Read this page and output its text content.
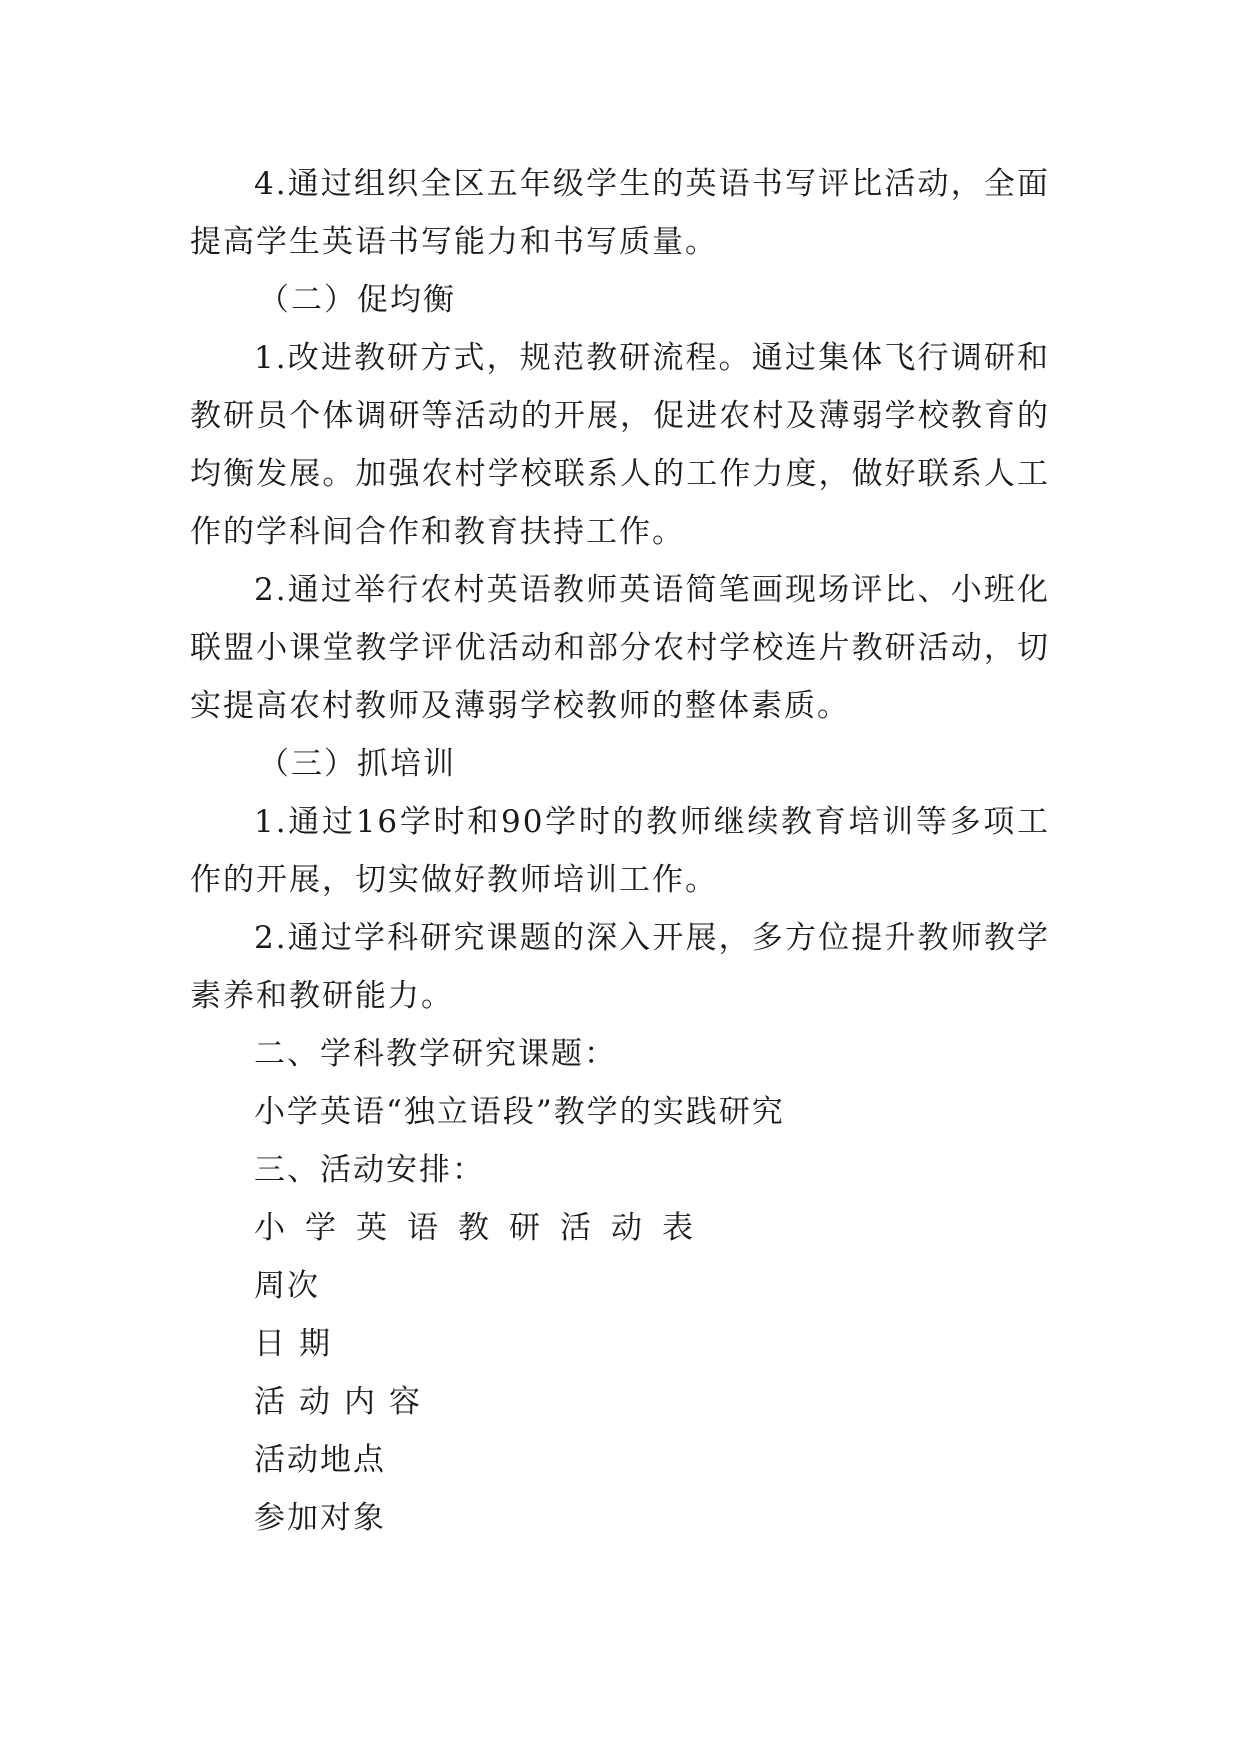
4.通过组织全区五年级学生的英语书写评比活动，全面提高学生英语书写能力和书写质量。

（二）促均衡

1.改进教研方式，规范教研流程。通过集体飞行调研和教研员个体调研等活动的开展，促进农村及薄弱学校教育的均衡发展。加强农村学校联系人的工作力度，做好联系人工作的学科间合作和教育扶持工作。

2.通过举行农村英语教师英语简笔画现场评比、小班化联盟小课堂教学评优活动和部分农村学校连片教研活动，切实提高农村教师及薄弱学校教师的整体素质。

（三）抓培训

1.通过16学时和90学时的教师继续教育培训等多项工作的开展，切实做好教师培训工作。

2.通过学科研究课题的深入开展，多方位提升教师教学素养和教研能力。

二、学科教学研究课题：

小学英语“独立语段”教学的实践研究

三、活动安排：

小学英语教研活动表

周次

日期

活动内容

活动地点

参加对象
